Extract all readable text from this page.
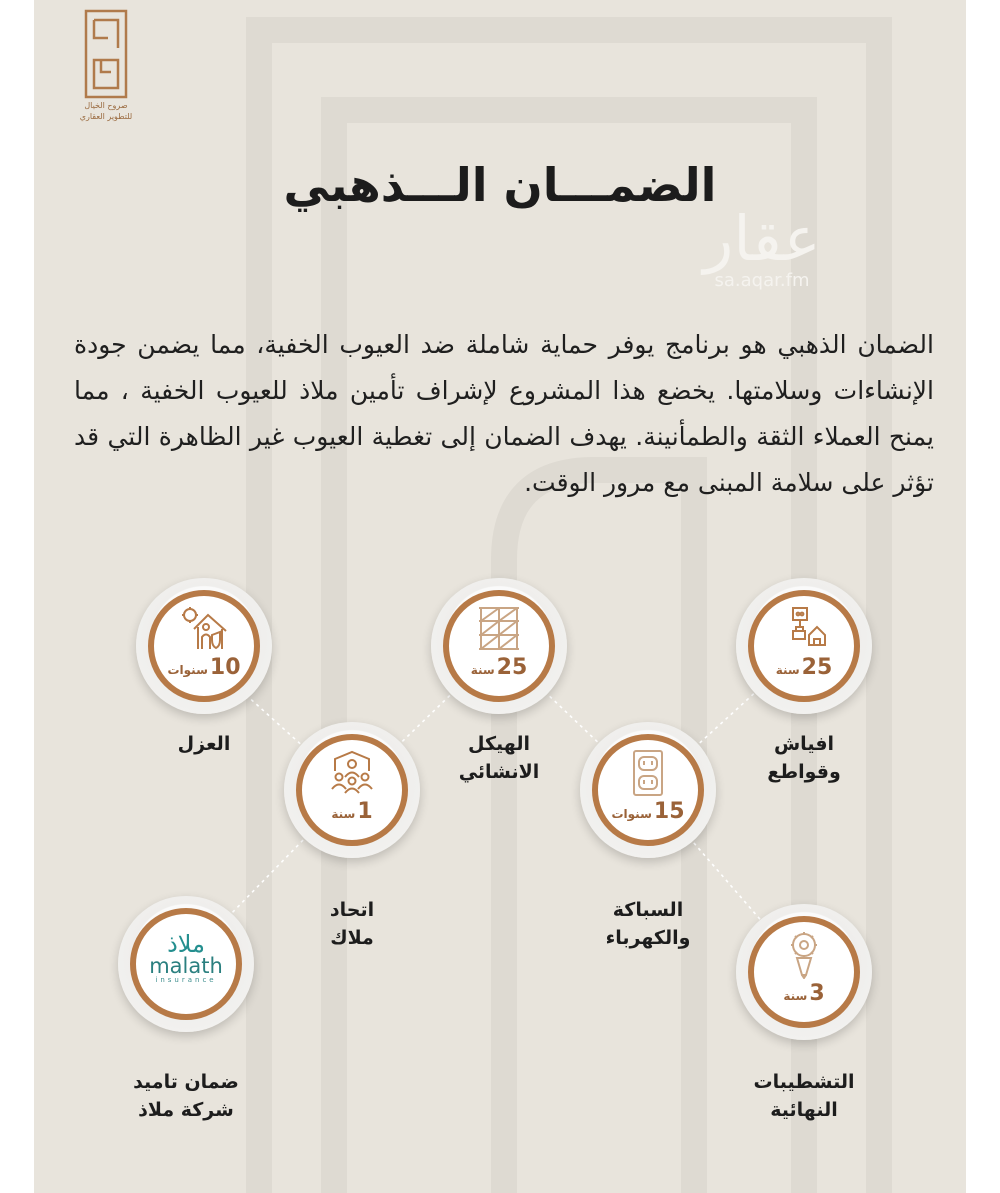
صروح الخيال
للتطوير العقاري
الضمـــان الـــذهبي
عقار
sa.aqar.fm

الضمان الذهبي هو برنامج يوفر حماية شاملة ضد العيوب الخفية، مما يضمن جودة الإنشاءات وسلامتها. يخضع هذا المشروع لإشراف تأمين ملاذ للعيوب الخفية ، مما يمنح العملاء الثقة والطمأنينة. يهدف الضمان إلى تغطية العيوب غير الظاهرة التي قد تؤثر على سلامة المبنى مع مرور الوقت.

سنة 25
افياش
وقواطع
سنة 25
الهيكل
الانشائي
سنوات 10
العزل
سنوات 15
السباكة
والكهرباء
سنة 1
اتحاد
ملاك
سنة 3
التشطيبات
النهائية
ملاذ
malath
insurance
ضمان تاميد
شركة ملاذ
